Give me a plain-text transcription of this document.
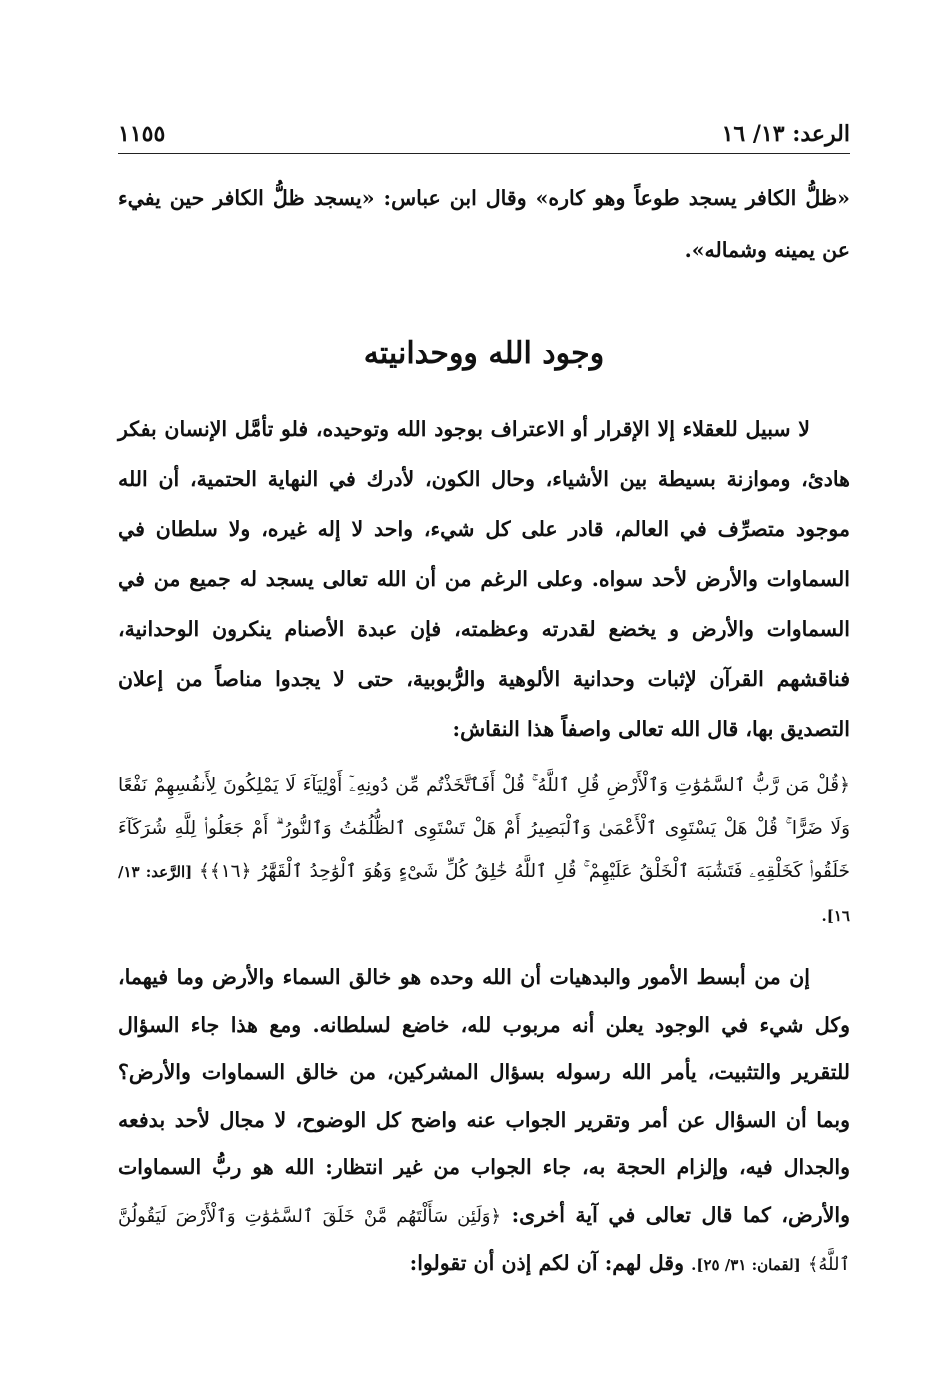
الرعد: ١٣/ ١٦
١١٥٥

«ظلُّ الكافر يسجد طوعاً وهو كاره» وقال ابن عباس: «يسجد ظلُّ الكافر حين يفيء عن يمينه وشماله».

وجود الله ووحدانيته

لا سبيل للعقلاء إلا الإقرار أو الاعتراف بوجود الله وتوحيده، فلو تأمَّل الإنسان بفكر هادئ، وموازنة بسيطة بين الأشياء، وحال الكون، لأدرك في النهاية الحتمية، أن الله موجود متصرِّف في العالم، قادر على كل شيء، واحد لا إله غيره، ولا سلطان في السماوات والأرض لأحد سواه. وعلى الرغم من أن الله تعالى يسجد له جميع من في السماوات والأرض و يخضع لقدرته وعظمته، فإن عبدة الأصنام ينكرون الوحدانية، فناقشهم القرآن لإثبات وحدانية الألوهية والرُّبوبية، حتى لا يجدوا مناصاً من إعلان التصديق بها، قال الله تعالى واصفاً هذا النقاش:

﴿قُلْ مَن رَّبُّ ٱلسَّمَٰوَٰتِ وَٱلْأَرْضِ قُلِ ٱللَّهُ ۚ قُلْ أَفَٱتَّخَذْتُم مِّن دُونِهِۦٓ أَوْلِيَآءَ لَا يَمْلِكُونَ لِأَنفُسِهِمْ نَفْعًا وَلَا ضَرًّا ۚ قُلْ هَلْ يَسْتَوِى ٱلْأَعْمَىٰ وَٱلْبَصِيرُ أَمْ هَلْ تَسْتَوِى ٱلظُّلُمَٰتُ وَٱلنُّورُ ۗ أَمْ جَعَلُوا۟ لِلَّهِ شُرَكَآءَ خَلَقُوا۟ كَخَلْقِهِۦ فَتَشَٰبَهَ ٱلْخَلْقُ عَلَيْهِمْ ۚ قُلِ ٱللَّهُ خَٰلِقُ كُلِّ شَىْءٍ وَهُوَ ٱلْوَٰحِدُ ٱلْقَهَّٰرُ ﴿١٦﴾﴾ [الرَّعد: ١٣/ ١٦].

إن من أبسط الأمور والبدهيات أن الله وحده هو خالق السماء والأرض وما فيهما، وكل شيء في الوجود يعلن أنه مربوب لله، خاضع لسلطانه. ومع هذا جاء السؤال للتقرير والتثبيت، يأمر الله رسوله بسؤال المشركين، من خالق السماوات والأرض؟ وبما أن السؤال عن أمر وتقرير الجواب عنه واضح كل الوضوح، لا مجال لأحد بدفعه والجدال فيه، وإلزام الحجة به، جاء الجواب من غير انتظار: الله هو ربُّ السماوات والأرض، كما قال تعالى في آية أخرى: ﴿وَلَئِن سَأَلْتَهُم مَّنْ خَلَقَ ٱلسَّمَٰوَٰتِ وَٱلْأَرْضَ لَيَقُولُنَّ ٱللَّهُ﴾ [لقمان: ٣١/ ٢٥]. وقل لهم: آن لكم إذن أن تقولوا:
